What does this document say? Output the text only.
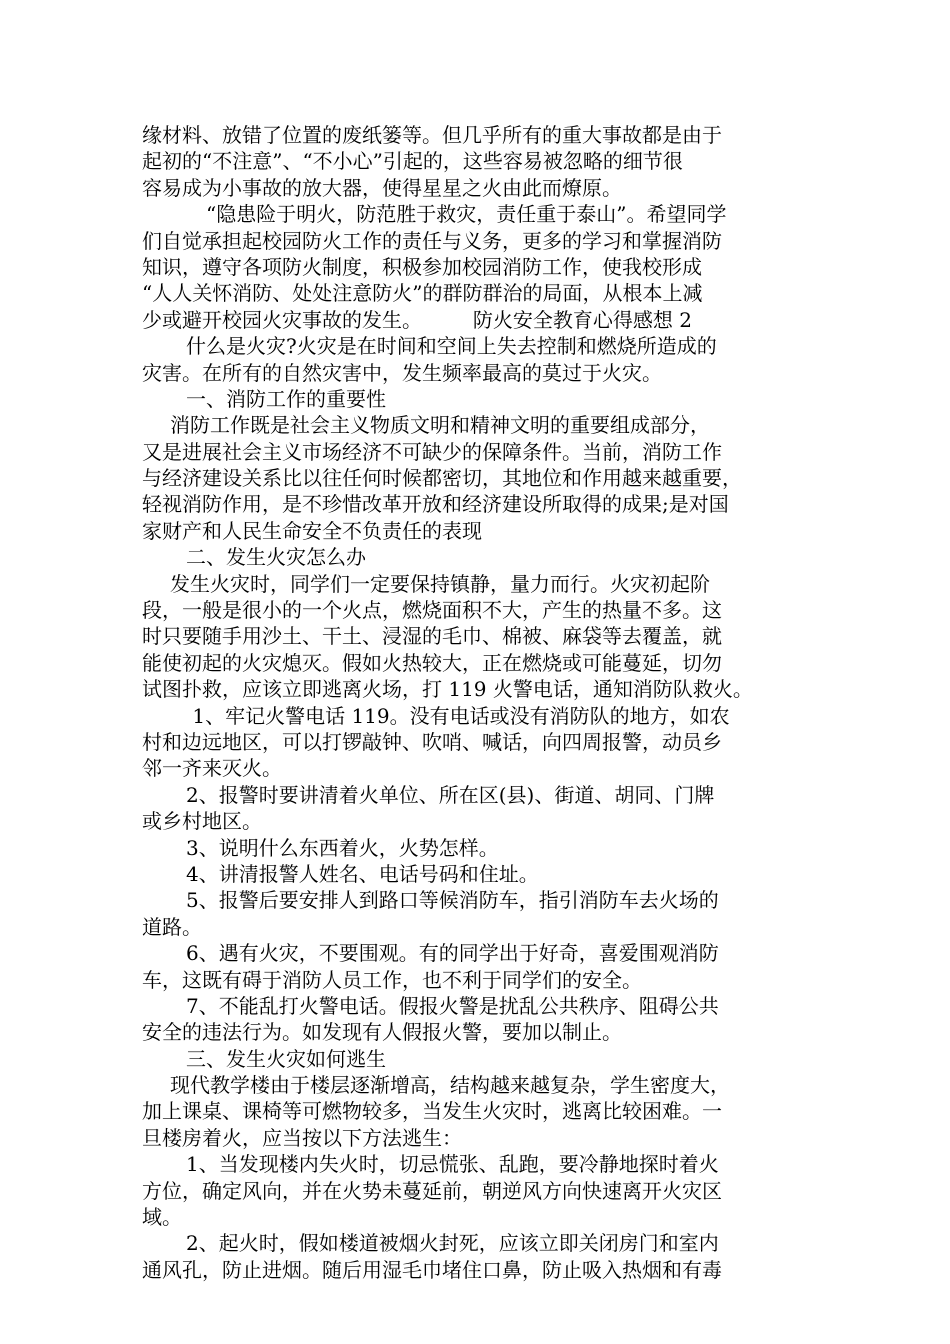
缘材料、放错了位置的废纸篓等。但几乎所有的重大事故都是由于
起初的“不注意”、“不小心”引起的，这些容易被忽略的细节很
容易成为小事故的放大器，使得星星之火由此而燎原。
“隐患险于明火，防范胜于救灾，责任重于泰山”。希望同学
们自觉承担起校园防火工作的责任与义务，更多的学习和掌握消防
知识，遵守各项防火制度，积极参加校园消防工作，使我校形成
“人人关怀消防、处处注意防火”的群防群治的局面，从根本上减
少或避开校园火灾事故的发生。        防火安全教育心得感想 2
什么是火灾?火灾是在时间和空间上失去控制和燃烧所造成的
灾害。在所有的自然灾害中，发生频率最高的莫过于火灾。
一、消防工作的重要性
消防工作既是社会主义物质文明和精神文明的重要组成部分，
又是进展社会主义市场经济不可缺少的保障条件。当前，消防工作
与经济建设关系比以往任何时候都密切，其地位和作用越来越重要，
轻视消防作用，是不珍惜改革开放和经济建设所取得的成果;是对国
家财产和人民生命安全不负责任的表现
二、发生火灾怎么办
发生火灾时，同学们一定要保持镇静，量力而行。火灾初起阶
段，一般是很小的一个火点，燃烧面积不大，产生的热量不多。这
时只要随手用沙土、干土、浸湿的毛巾、棉被、麻袋等去覆盖，就
能使初起的火灾熄灭。假如火热较大，正在燃烧或可能蔓延，切勿
试图扑救，应该立即逃离火场，打 119 火警电话，通知消防队救火。
1、牢记火警电话 119。没有电话或没有消防队的地方，如农
村和边远地区，可以打锣敲钟、吹哨、喊话，向四周报警，动员乡
邻一齐来灭火。
2、报警时要讲清着火单位、所在区(县)、街道、胡同、门牌
或乡村地区。
3、说明什么东西着火，火势怎样。
4、讲清报警人姓名、电话号码和住址。
5、报警后要安排人到路口等候消防车，指引消防车去火场的
道路。
6、遇有火灾，不要围观。有的同学出于好奇，喜爱围观消防
车，这既有碍于消防人员工作，也不利于同学们的安全。
7、不能乱打火警电话。假报火警是扰乱公共秩序、阻碍公共
安全的违法行为。如发现有人假报火警，要加以制止。
三、发生火灾如何逃生
现代教学楼由于楼层逐渐增高，结构越来越复杂，学生密度大，
加上课桌、课椅等可燃物较多，当发生火灾时，逃离比较困难。一
旦楼房着火，应当按以下方法逃生：
1、当发现楼内失火时，切忌慌张、乱跑，要冷静地探时着火
方位，确定风向，并在火势未蔓延前，朝逆风方向快速离开火灾区
域。
2、起火时，假如楼道被烟火封死，应该立即关闭房门和室内
通风孔，防止进烟。随后用湿毛巾堵住口鼻，防止吸入热烟和有毒
